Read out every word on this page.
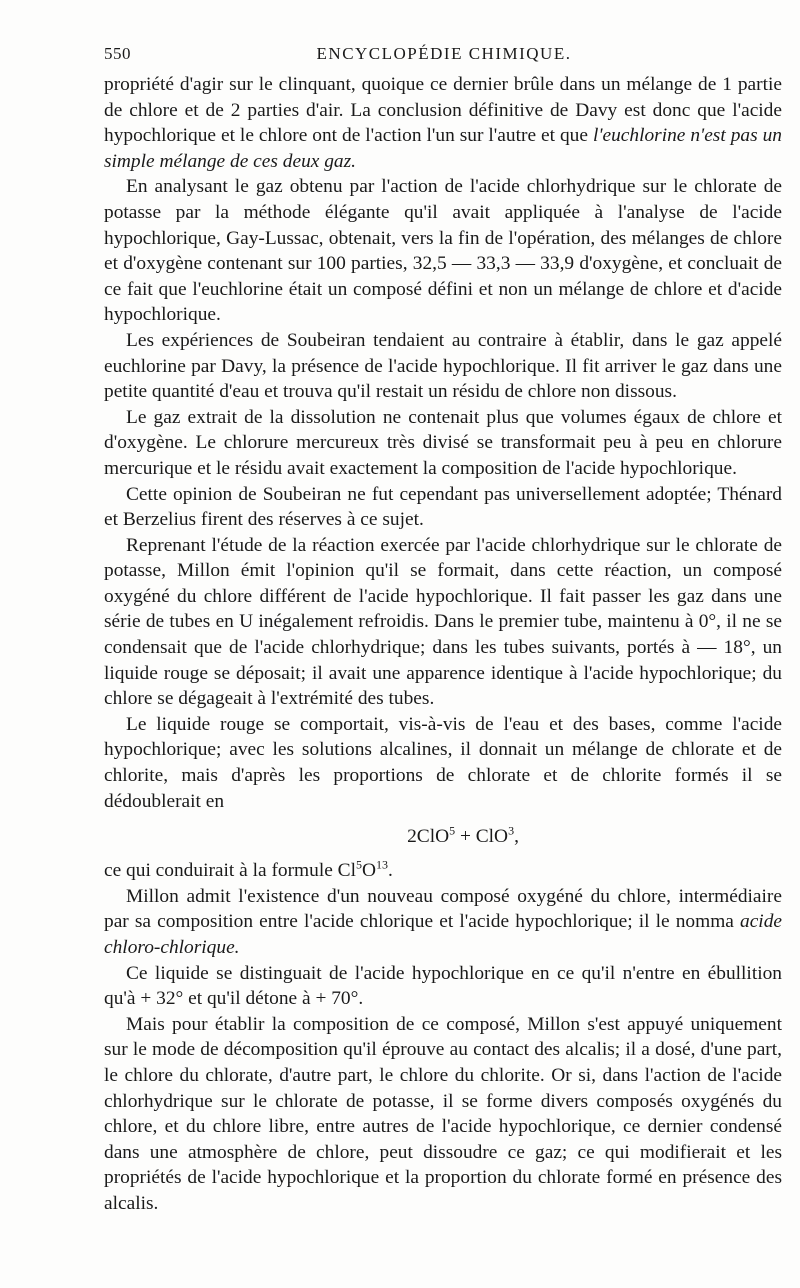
550	ENCYCLOPÉDIE CHIMIQUE.

propriété d'agir sur le clinquant, quoique ce dernier brûle dans un mélange de 1 partie de chlore et de 2 parties d'air. La conclusion définitive de Davy est donc que l'acide hypochlorique et le chlore ont de l'action l'un sur l'autre et que l'euchlorine n'est pas un simple mélange de ces deux gaz.

En analysant le gaz obtenu par l'action de l'acide chlorhydrique sur le chlorate de potasse par la méthode élégante qu'il avait appliquée à l'analyse de l'acide hypochlorique, Gay-Lussac, obtenait, vers la fin de l'opération, des mélanges de chlore et d'oxygène contenant sur 100 parties, 32,5 — 33,3 — 33,9 d'oxygène, et concluait de ce fait que l'euchlorine était un composé défini et non un mélange de chlore et d'acide hypochlorique.

Les expériences de Soubeiran tendaient au contraire à établir, dans le gaz appelé euchlorine par Davy, la présence de l'acide hypochlorique. Il fit arriver le gaz dans une petite quantité d'eau et trouva qu'il restait un résidu de chlore non dissous.

Le gaz extrait de la dissolution ne contenait plus que volumes égaux de chlore et d'oxygène. Le chlorure mercureux très divisé se transformait peu à peu en chlorure mercurique et le résidu avait exactement la composition de l'acide hypochlorique.

Cette opinion de Soubeiran ne fut cependant pas universellement adoptée; Thénard et Berzelius firent des réserves à ce sujet.

Reprenant l'étude de la réaction exercée par l'acide chlorhydrique sur le chlorate de potasse, Millon émit l'opinion qu'il se formait, dans cette réaction, un composé oxygéné du chlore différent de l'acide hypochlorique. Il fait passer les gaz dans une série de tubes en U inégalement refroidis. Dans le premier tube, maintenu à 0°, il ne se condensait que de l'acide chlorhydrique; dans les tubes suivants, portés à — 18°, un liquide rouge se déposait; il avait une apparence identique à l'acide hypochlorique; du chlore se dégageait à l'extrémité des tubes.

Le liquide rouge se comportait, vis-à-vis de l'eau et des bases, comme l'acide hypochlorique; avec les solutions alcalines, il donnait un mélange de chlorate et de chlorite, mais d'après les proportions de chlorate et de chlorite formés il se dédoublerait en

2ClO$^5$ + ClO$^3$,

ce qui conduirait à la formule $Cl^5O^{13}$.

Millon admit l'existence d'un nouveau composé oxygéné du chlore, intermédiaire par sa composition entre l'acide chlorique et l'acide hypochlorique; il le nomma acide chloro-chlorique.

Ce liquide se distinguait de l'acide hypochlorique en ce qu'il n'entre en ébullition qu'à + 32° et qu'il détone à + 70°.

Mais pour établir la composition de ce composé, Millon s'est appuyé uniquement sur le mode de décomposition qu'il éprouve au contact des alcalis; il a dosé, d'une part, le chlore du chlorate, d'autre part, le chlore du chlorite. Or si, dans l'action de l'acide chlorhydrique sur le chlorate de potasse, il se forme divers composés oxygénés du chlore, et du chlore libre, entre autres de l'acide hypochlorique, ce dernier condensé dans une atmosphère de chlore, peut dissoudre ce gaz; ce qui modifierait et les propriétés de l'acide hypochlorique et la proportion du chlorate formé en présence des alcalis.
